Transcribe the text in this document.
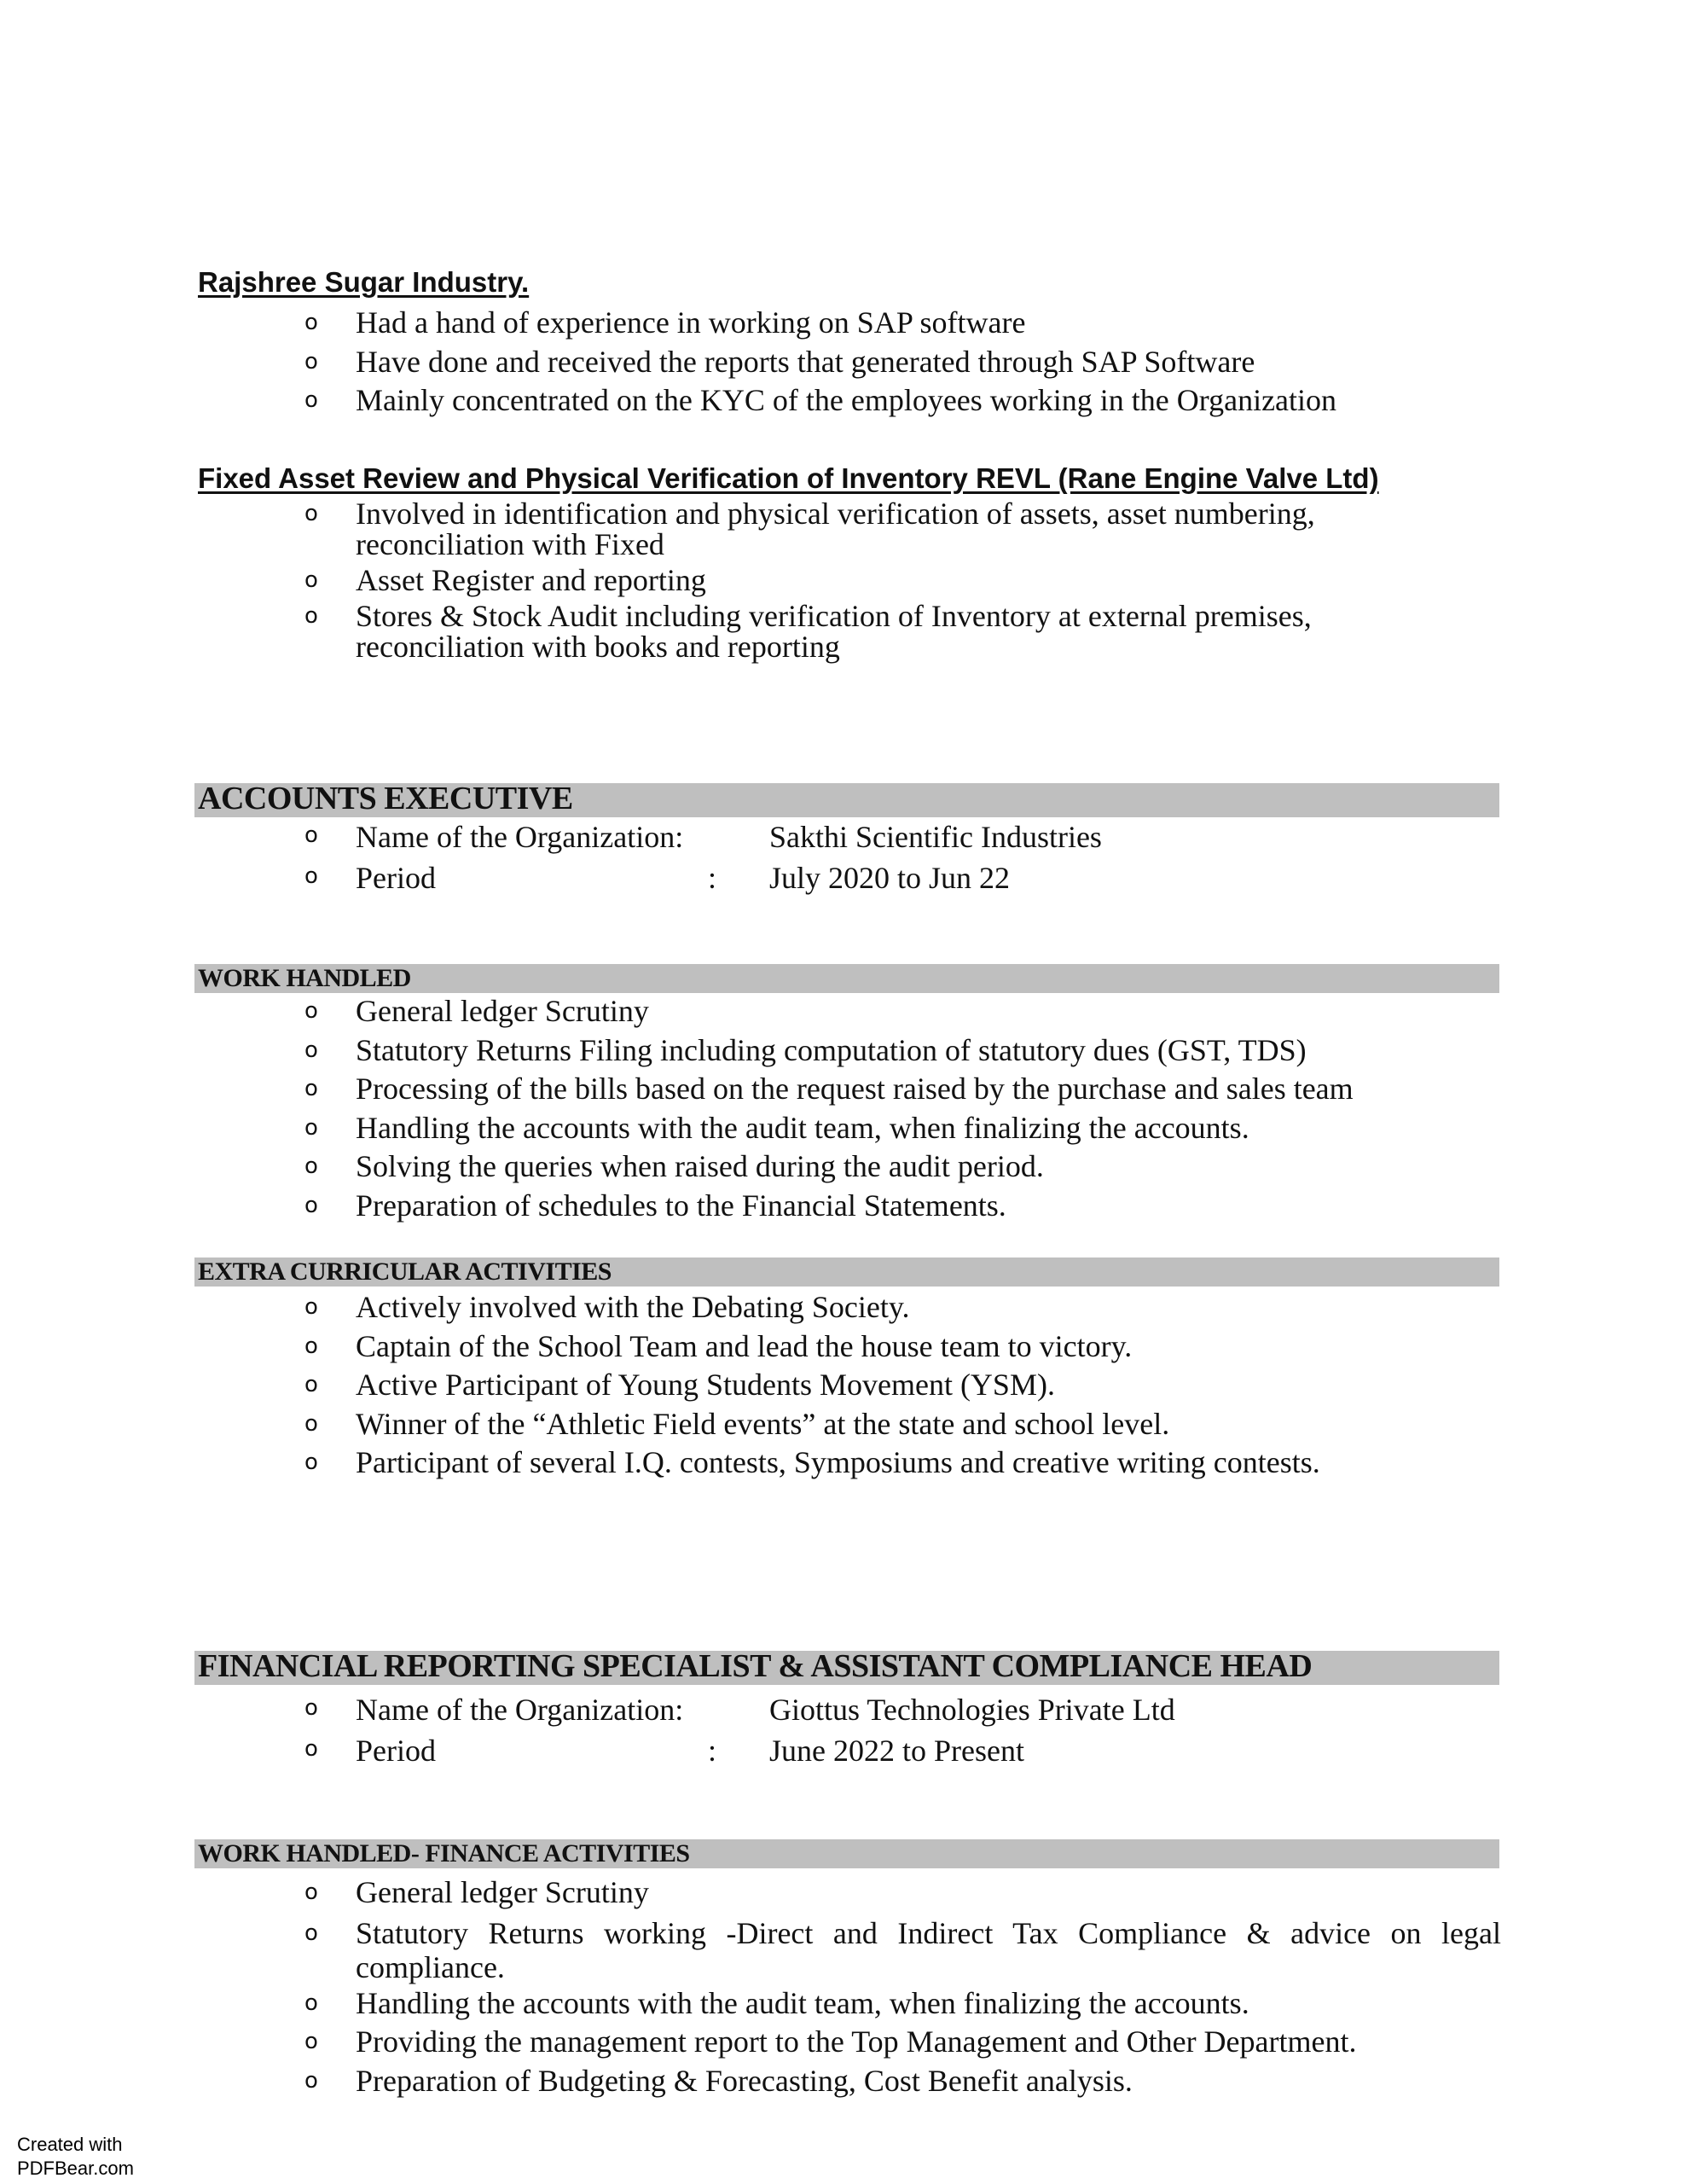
Rajshree Sugar Industry.
o Had a hand of experience in working on SAP software
o Have done and received the reports that generated through SAP Software
o Mainly concentrated on the KYC of the employees working in the Organization
Fixed Asset Review and Physical Verification of Inventory REVL (Rane Engine Valve Ltd)
o Involved in identification and physical verification of assets, asset numbering, reconciliation with Fixed
o Asset Register and reporting
o Stores & Stock Audit including verification of Inventory at external premises, reconciliation with books and reporting
ACCOUNTS EXECUTIVE
o Name of the Organization:	Sakthi Scientific Industries
o Period	: July 2020 to Jun 22
WORK HANDLED
o General ledger Scrutiny
o Statutory Returns Filing including computation of statutory dues (GST, TDS)
o Processing of the bills based on the request raised by the purchase and sales team
o Handling the accounts with the audit team, when finalizing the accounts.
o Solving the queries when raised during the audit period.
o Preparation of schedules to the Financial Statements.
EXTRA CURRICULAR ACTIVITIES
o Actively involved with the Debating Society.
o Captain of the School Team and lead the house team to victory.
o Active Participant of Young Students Movement (YSM).
o Winner of the “Athletic Field events” at the state and school level.
o Participant of several I.Q. contests, Symposiums and creative writing contests.
FINANCIAL REPORTING SPECIALIST & ASSISTANT COMPLIANCE HEAD
o Name of the Organization:	Giottus Technologies Private Ltd
o Period	: June 2022 to Present
WORK HANDLED- FINANCE ACTIVITIES
o General ledger Scrutiny
o Statutory Returns working -Direct and Indirect Tax Compliance & advice on legal
compliance.
o Handling the accounts with the audit team, when finalizing the accounts.
o Providing the management report to the Top Management and Other Department.
o Preparation of Budgeting & Forecasting, Cost Benefit analysis.
Created with
PDFBear.com
